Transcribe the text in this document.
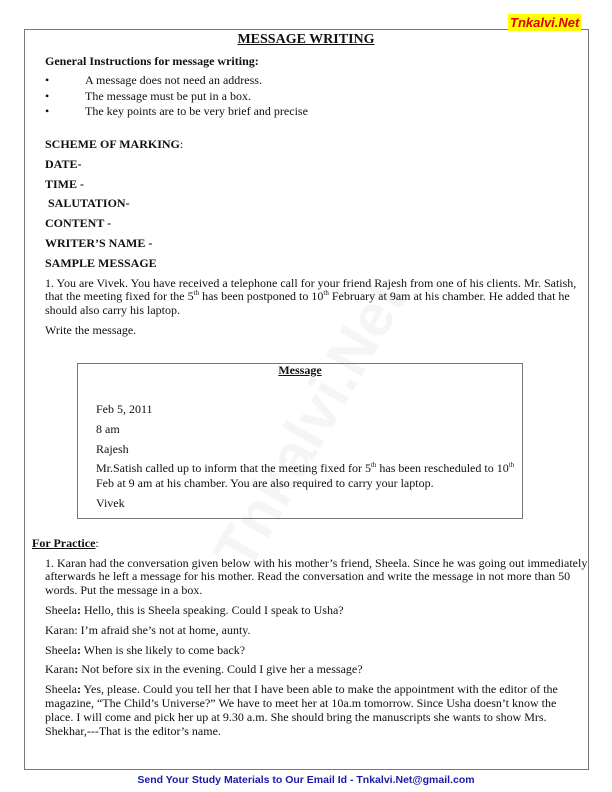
Tnkalvi.Net
MESSAGE WRITING
General Instructions for message writing:
•	A message does not need an address.
•	The message must be put in a box.
•	The key points are to be very brief and precise
SCHEME OF MARKING:
DATE-
TIME -
SALUTATION-
CONTENT -
WRITER’S NAME -
SAMPLE MESSAGE
1. You are Vivek. You have received a telephone call for your friend Rajesh from one of his clients. Mr. Satish,
that the meeting fixed for the 5th has been postponed to 10th February at 9am at his chamber. He added that he
should also carry his laptop.
Write the message.
Message
Feb 5, 2011
8 am
Rajesh
Mr.Satish called up to inform that the meeting fixed for 5th has been rescheduled to 10th
Feb at 9 am at his chamber. You are also required to carry your laptop.
Vivek
For Practice:
1. Karan had the conversation given below with his mother’s friend, Sheela. Since he was going out immediately
afterwards he left a message for his mother. Read the conversation and write the message in not more than 50
words. Put the message in a box.
Sheela: Hello, this is Sheela speaking. Could I speak to Usha?
Karan: I’m afraid she’s not at home, aunty.
Sheela: When is she likely to come back?
Karan: Not before six in the evening. Could I give her a message?
Sheela: Yes, please. Could you tell her that I have been able to make the appointment with the editor of the
magazine, “The Child’s Universe?” We have to meet her at 10a.m tomorrow. Since Usha doesn’t know the
place. I will come and pick her up at 9.30 a.m. She should bring the manuscripts she wants to show Mrs.
Shekhar,---That is the editor’s name.
Send Your Study Materials to Our Email Id - Tnkalvi.Net@gmail.com
